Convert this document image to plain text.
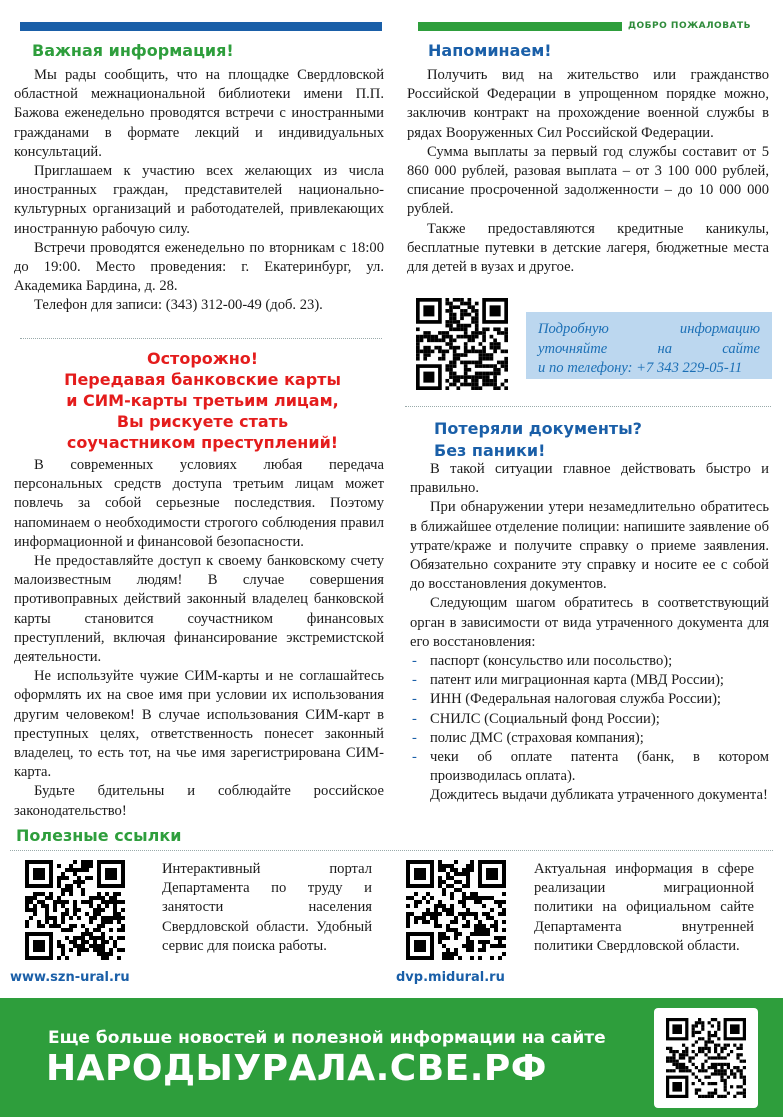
ДОБРО ПОЖАЛОВАТЬ
Важная информация!

Мы рады сообщить, что на площадке Свердловской областной межнациональной библиотеки имени П.П. Бажова еженедельно проводятся встречи с иностранными гражданами в формате лекций и индивидуальных консультаций.

Приглашаем к участию всех желающих из числа иностранных граждан, представителей национально-культурных организаций и работодателей, привлекающих иностранную рабочую силу.

Встречи проводятся еженедельно по вторникам с 18:00 до 19:00. Место проведения: г. Екатеринбург, ул. Академика Бардина, д. 28.

Телефон для записи: (343) 312-00-49 (доб. 23).

Напоминаем!

Получить вид на жительство или гражданство Российской Федерации в упрощенном порядке можно, заключив контракт на прохождение военной службы в рядах Вооруженных Сил Российской Федерации.

Сумма выплаты за первый год службы составит от 5 860 000 рублей, разовая выплата – от 3 100 000 рублей, списание просроченной задолженности – до 10 000 000 рублей.

Также предоставляются кредитные каникулы, бесплатные путевки в детские лагеря, бюджетные места для детей в вузах и другое.

Подробную информацию
уточняйте на сайте
и по телефону: +7 343 229-05-11
Осторожно!
Передавая банковские карты
и СИМ-карты третьим лицам,
Вы рискуете стать
соучастником преступлений!

В современных условиях любая передача персональных средств доступа третьим лицам может повлечь за собой серьезные последствия. Поэтому напоминаем о необходимости строгого соблюдения правил информационной и финансовой безопасности.

Не предоставляйте доступ к своему банковскому счету малоизвестным людям! В случае совершения противоправных действий законный владелец банковской карты становится соучастником финансовых преступлений, включая финансирование экстремистской деятельности.

Не используйте чужие СИМ-карты и не соглашайтесь оформлять их на свое имя при условии их использования другим человеком! В случае использования СИМ-карт в преступных целях, ответственность понесет законный владелец, то есть тот, на чье имя зарегистрирована СИМ-карта.

Будьте бдительны и соблюдайте российское законодательство!

Потеряли документы?
Без паники!

В такой ситуации главное действовать быстро и правильно.

При обнаружении утери незамедлительно обратитесь в ближайшее отделение полиции: напишите заявление об утрате/краже и получите справку о приеме заявления. Обязательно сохраните эту справку и носите ее с собой до восстановления документов.

Следующим шагом обратитесь в соответствующий орган в зависимости от вида утраченного документа для его восстановления:

- паспорт (консульство или посольство);
- патент или миграционная карта (МВД России);
- ИНН (Федеральная налоговая служба России);
- СНИЛС (Социальный фонд России);
- полис ДМС (страховая компания);
- чеки об оплате патента (банк, в котором производилась оплата).

Дождитесь выдачи дубликата утраченного документа!

Полезные ссылки
www.szn-ural.ru
Интерактивный портал Департамента по труду и занятости населения Свердловской области. Удобный сервис для поиска работы.
dvp.midural.ru
Актуальная информация в сфере реализации миграционной политики на официальном сайте Департамента внутренней политики Свердловской области.
Еще больше новостей и полезной информации на сайте
НАРОДЫУРАЛА.СВЕ.РФ
